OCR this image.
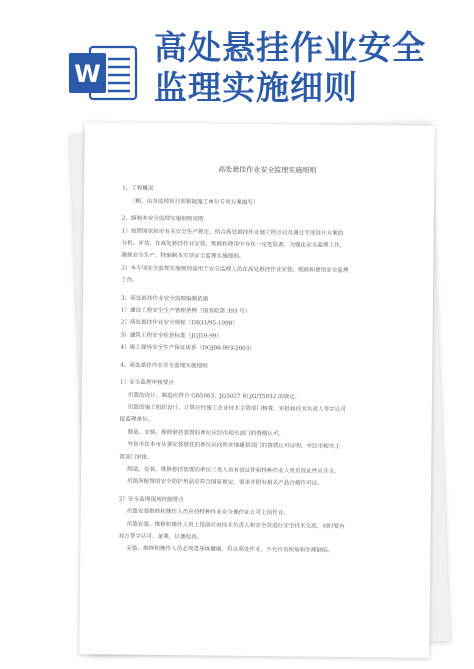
W
高处悬挂作业安全
监理实施细则
高处悬挂作业安全监理实施细则
1、工程概况
（略，由各监理项目部根据施工单位专项方案编写）
2、编制本安全监理实施细则说明
1）按照国家和市有关安全生产规定，结合高处悬挂作业施工特点以及通过专项设计方案的
分析、评估，在高处悬挂作业安装、维修和使用中存在一定危险源，为强化安全监理工作，
确保安全生产，特编制本专项安全监理实施细则。
2）本专项安全监理实施细则适用于安全监理人员在高处悬挂作业安装、维修和使用安全监理
工作。
3、高处悬挂作业安全监理编制依据
1）建设工程安全生产管理条例（国务院第 393 号）
2）高处悬挂作业安全规程（DB31/95-1998）
3）建筑工程安全检查标准（JGJ59-99）
4）施工现场安全生产保证体系（DGJ08-903-2003）
4、高处悬挂作业安全监理实施细则
1）安全监理审核要点
吊篮的设计、制造应符合 GB5083、JG5027 和 JG/T5032 的规定。
吊篮的施工组织设计、计算应经施工企业技术主管部门核算、审批和技术负责人签字认可
报监理单位。
制造、安装、维修悬挂装置的单位应经市相关部门的资格认可。
外省市在本市从事安装悬挂的单位应向所在地建管部门的资质认可证明。并经市相关主
管部门审批。
制造、安装、维修悬挂装置的单位三类人员有效证件和特种作业人员有效证件应齐全。
吊篮所配置的安全防护用品应符合国家规定，要求并附有相关产品合格许可证。
2）安全监理现场控制要点
吊篮安装维修和操作人员应持特种作业安全操作证方可上岗作业。
吊篮安装、维修和操作人员上岗前应由技术负责人和安全员进行安全技术交底，同时要有
双方签字认可，备案，以便检查。
安装、维修和操作人员必须是身体健康，符合高处作业，不允许有疾病和生理缺陷。
